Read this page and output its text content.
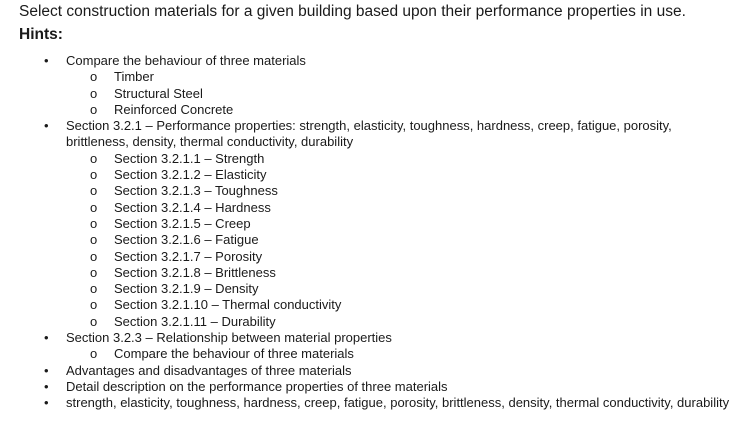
Select construction materials for a given building based upon their performance properties in use.

Hints:

• Compare the behaviour of three materials
o Timber
o Structural Steel
o Reinforced Concrete
• Section 3.2.1 – Performance properties: strength, elasticity, toughness, hardness, creep, fatigue, porosity, brittleness, density, thermal conductivity, durability
o Section 3.2.1.1 – Strength
o Section 3.2.1.2 – Elasticity
o Section 3.2.1.3 – Toughness
o Section 3.2.1.4 – Hardness
o Section 3.2.1.5 – Creep
o Section 3.2.1.6 – Fatigue
o Section 3.2.1.7 – Porosity
o Section 3.2.1.8 – Brittleness
o Section 3.2.1.9 – Density
o Section 3.2.1.10 – Thermal conductivity
o Section 3.2.1.11 – Durability
• Section 3.2.3 – Relationship between material properties
o Compare the behaviour of three materials
• Advantages and disadvantages of three materials
• Detail description on the performance properties of three materials
• strength, elasticity, toughness, hardness, creep, fatigue, porosity, brittleness, density, thermal conductivity, durability
